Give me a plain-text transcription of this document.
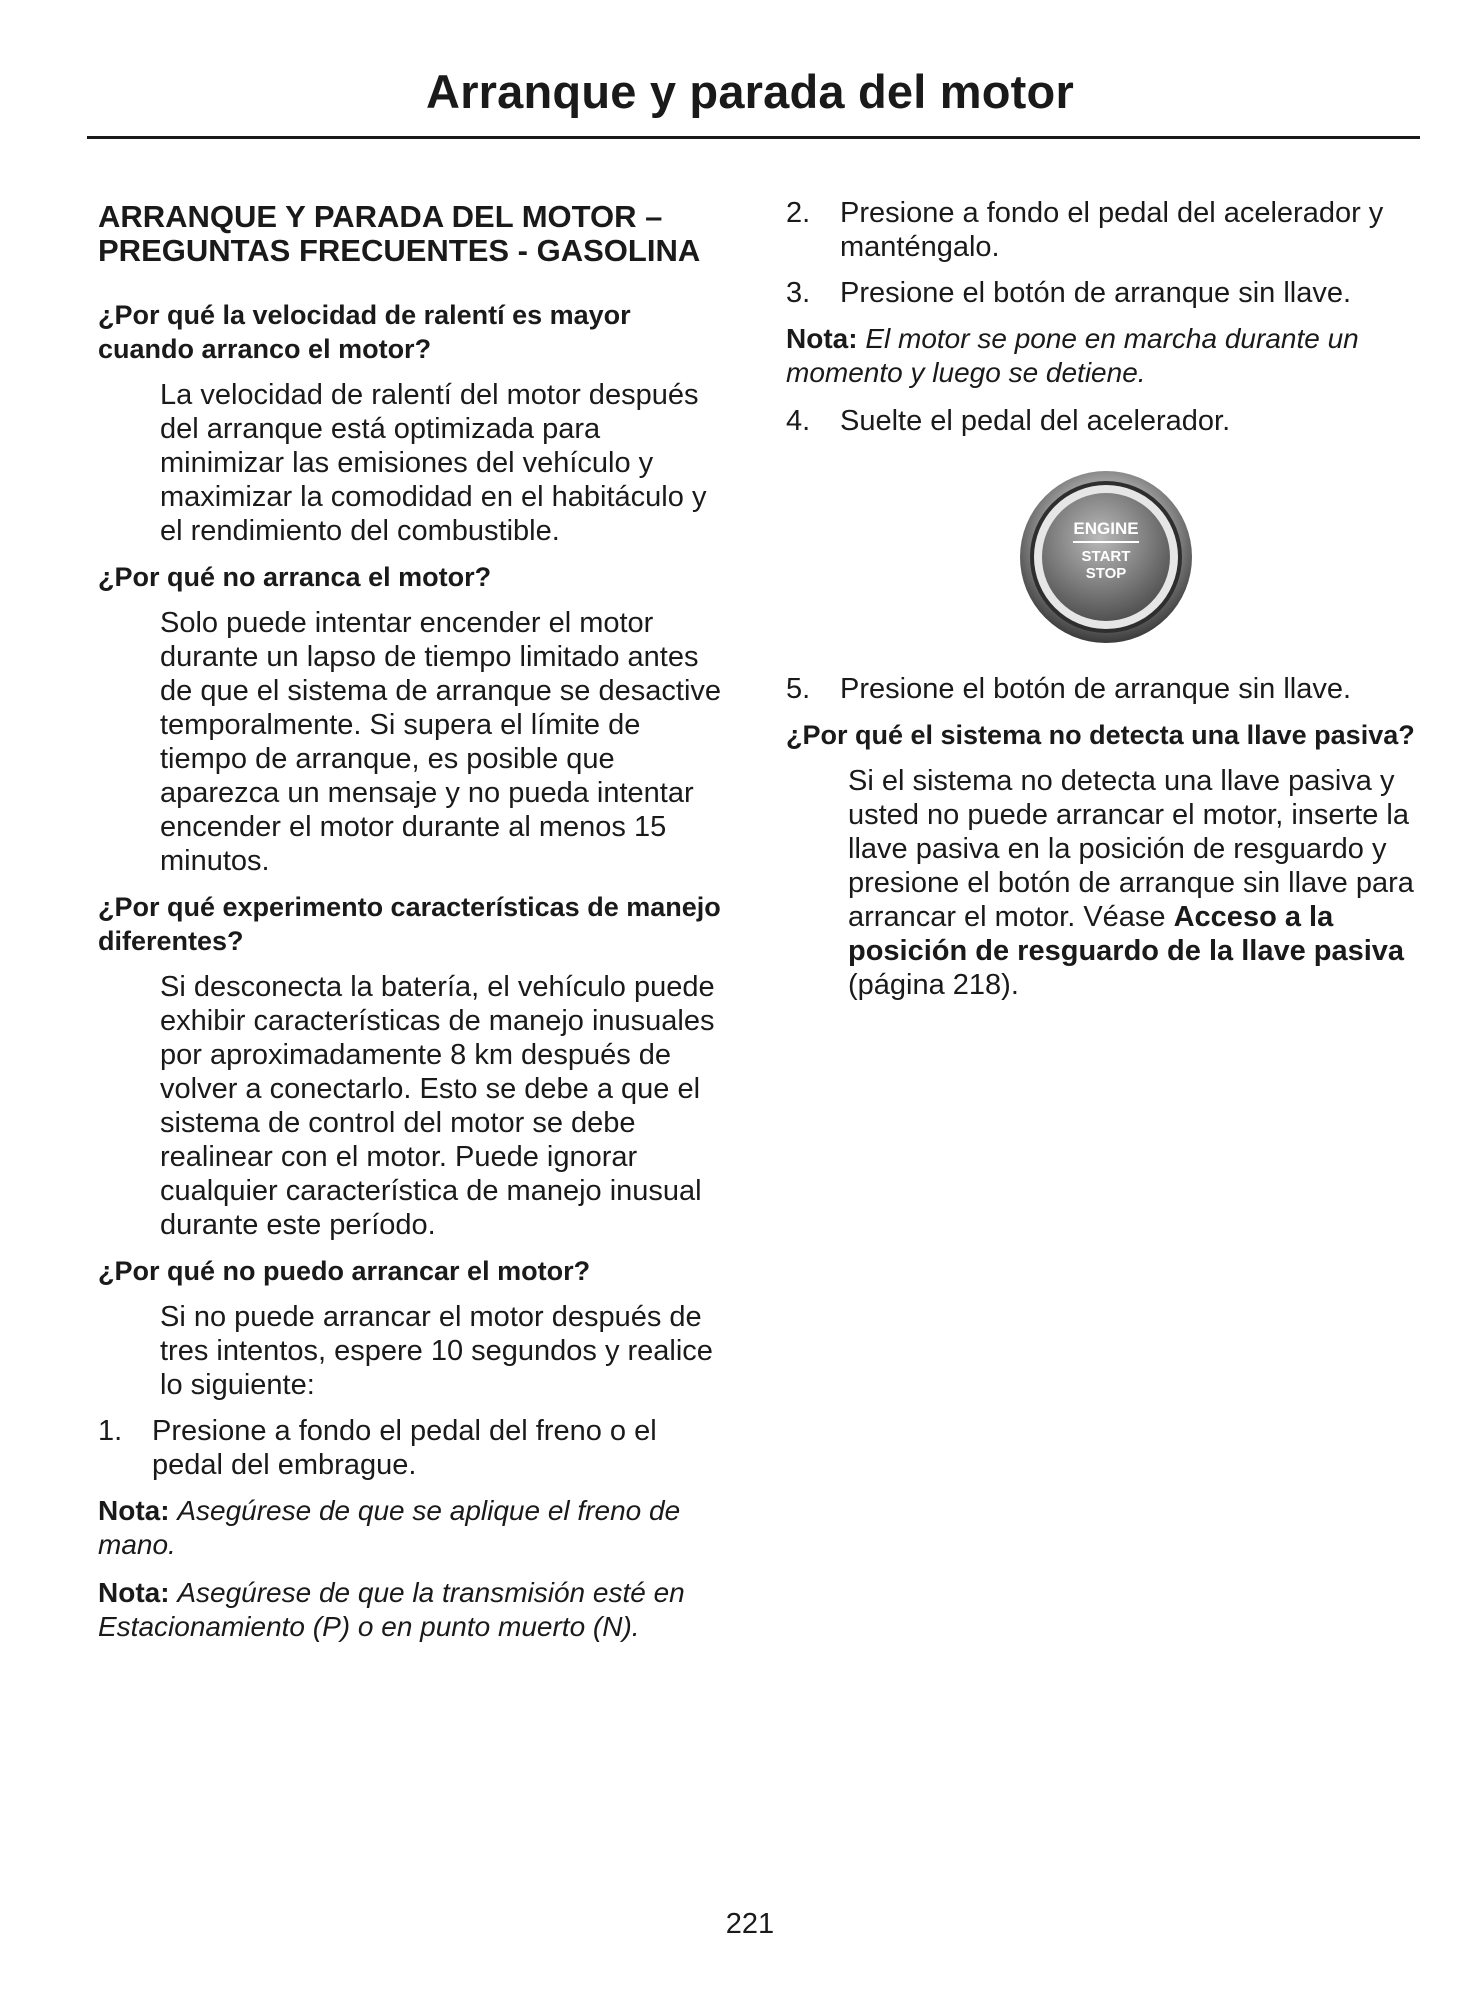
Arranque y parada del motor
ARRANQUE Y PARADA DEL MOTOR – PREGUNTAS FRECUENTES - GASOLINA

¿Por qué la velocidad de ralentí es mayor cuando arranco el motor?

La velocidad de ralentí del motor después del arranque está optimizada para minimizar las emisiones del vehículo y maximizar la comodidad en el habitáculo y el rendimiento del combustible.

¿Por qué no arranca el motor?

Solo puede intentar encender el motor durante un lapso de tiempo limitado antes de que el sistema de arranque se desactive temporalmente. Si supera el límite de tiempo de arranque, es posible que aparezca un mensaje y no pueda intentar encender el motor durante al menos 15 minutos.

¿Por qué experimento características de manejo diferentes?

Si desconecta la batería, el vehículo puede exhibir características de manejo inusuales por aproximadamente 8 km después de volver a conectarlo. Esto se debe a que el sistema de control del motor se debe realinear con el motor. Puede ignorar cualquier característica de manejo inusual durante este período.

¿Por qué no puedo arrancar el motor?

Si no puede arrancar el motor después de tres intentos, espere 10 segundos y realice lo siguiente:

1.	Presione a fondo el pedal del freno o el pedal del embrague.

Nota: Asegúrese de que se aplique el freno de mano.

Nota: Asegúrese de que la transmisión esté en Estacionamiento (P) o en punto muerto (N).

2.	Presione a fondo el pedal del acelerador y manténgalo.
3.	Presione el botón de arranque sin llave.

Nota: El motor se pone en marcha durante un momento y luego se detiene.

4.	Suelte el pedal del acelerador.
ENGINE
START
STOP
5.	Presione el botón de arranque sin llave.

¿Por qué el sistema no detecta una llave pasiva?

Si el sistema no detecta una llave pasiva y usted no puede arrancar el motor, inserte la llave pasiva en la posición de resguardo y presione el botón de arranque sin llave para arrancar el motor. Véase Acceso a la posición de resguardo de la llave pasiva (página 218).

221
